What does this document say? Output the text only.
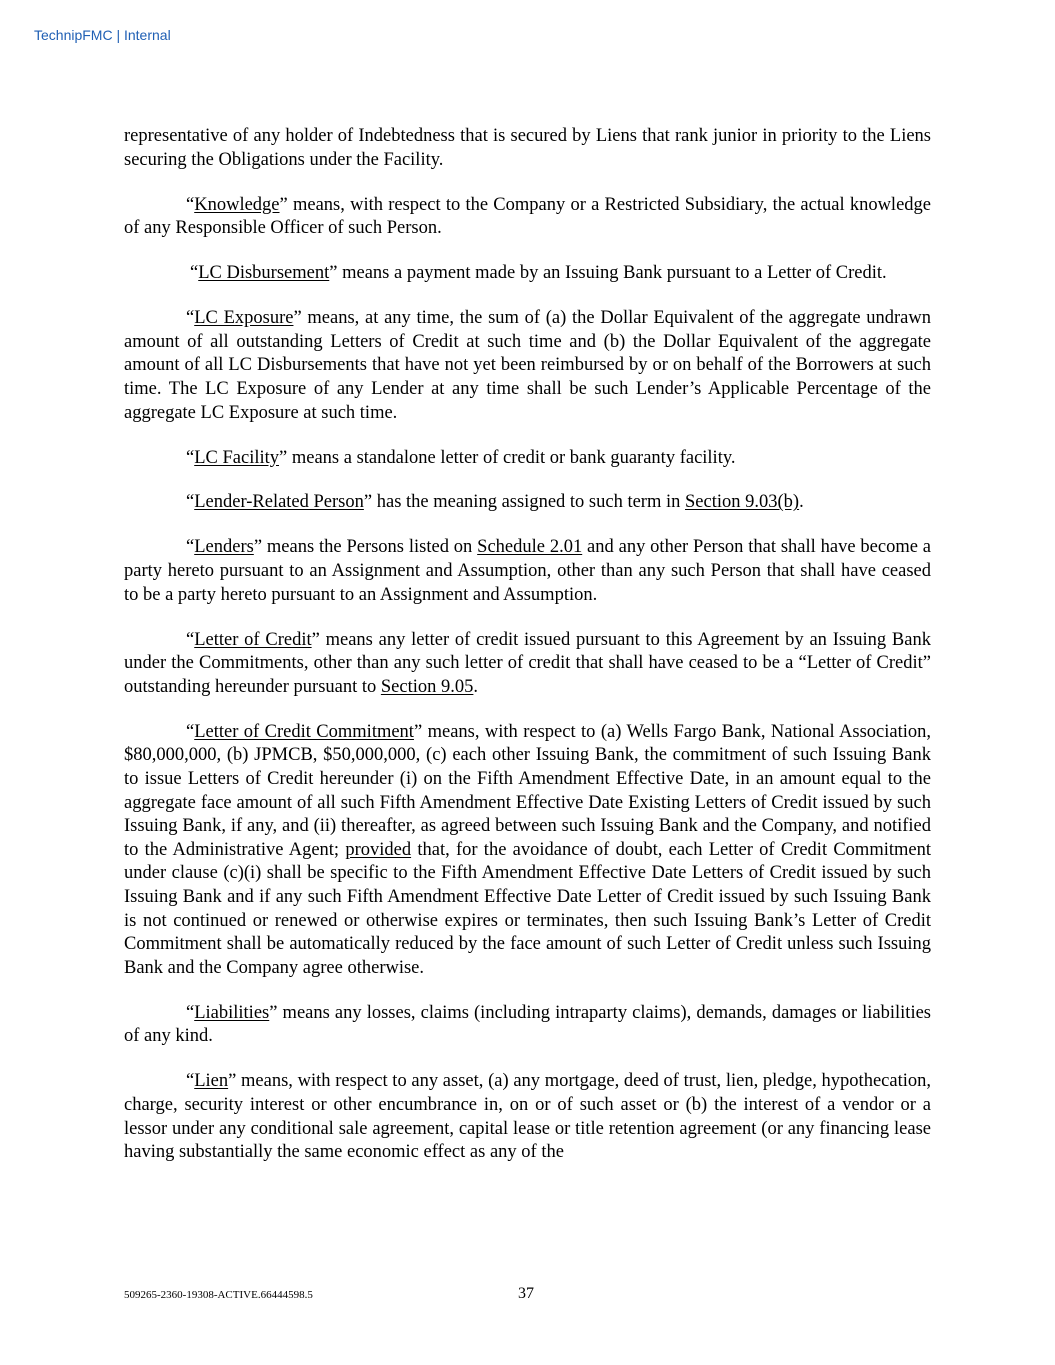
TechnipFMC | Internal

representative of any holder of Indebtedness that is secured by Liens that rank junior in priority to the Liens securing the Obligations under the Facility.

“Knowledge” means, with respect to the Company or a Restricted Subsidiary, the actual knowledge of any Responsible Officer of such Person.

“LC Disbursement” means a payment made by an Issuing Bank pursuant to a Letter of Credit.

“LC Exposure” means, at any time, the sum of (a) the Dollar Equivalent of the aggregate undrawn amount of all outstanding Letters of Credit at such time and (b) the Dollar Equivalent of the aggregate amount of all LC Disbursements that have not yet been reimbursed by or on behalf of the Borrowers at such time. The LC Exposure of any Lender at any time shall be such Lender’s Applicable Percentage of the aggregate LC Exposure at such time.

“LC Facility” means a standalone letter of credit or bank guaranty facility.

“Lender-Related Person” has the meaning assigned to such term in Section 9.03(b).

“Lenders” means the Persons listed on Schedule 2.01 and any other Person that shall have become a party hereto pursuant to an Assignment and Assumption, other than any such Person that shall have ceased to be a party hereto pursuant to an Assignment and Assumption.

“Letter of Credit” means any letter of credit issued pursuant to this Agreement by an Issuing Bank under the Commitments, other than any such letter of credit that shall have ceased to be a “Letter of Credit” outstanding hereunder pursuant to Section 9.05.

“Letter of Credit Commitment” means, with respect to (a) Wells Fargo Bank, National Association, $80,000,000, (b) JPMCB, $50,000,000, (c) each other Issuing Bank, the commitment of such Issuing Bank to issue Letters of Credit hereunder (i) on the Fifth Amendment Effective Date, in an amount equal to the aggregate face amount of all such Fifth Amendment Effective Date Existing Letters of Credit issued by such Issuing Bank, if any, and (ii) thereafter, as agreed between such Issuing Bank and the Company, and notified to the Administrative Agent; provided that, for the avoidance of doubt, each Letter of Credit Commitment under clause (c)(i) shall be specific to the Fifth Amendment Effective Date Letters of Credit issued by such Issuing Bank and if any such Fifth Amendment Effective Date Letter of Credit issued by such Issuing Bank is not continued or renewed or otherwise expires or terminates, then such Issuing Bank’s Letter of Credit Commitment shall be automatically reduced by the face amount of such Letter of Credit unless such Issuing Bank and the Company agree otherwise.

“Liabilities” means any losses, claims (including intraparty claims), demands, damages or liabilities of any kind.

“Lien” means, with respect to any asset, (a) any mortgage, deed of trust, lien, pledge, hypothecation, charge, security interest or other encumbrance in, on or of such asset or (b) the interest of a vendor or a lessor under any conditional sale agreement, capital lease or title retention agreement (or any financing lease having substantially the same economic effect as any of the

509265-2360-19308-ACTIVE.66444598.5	37
